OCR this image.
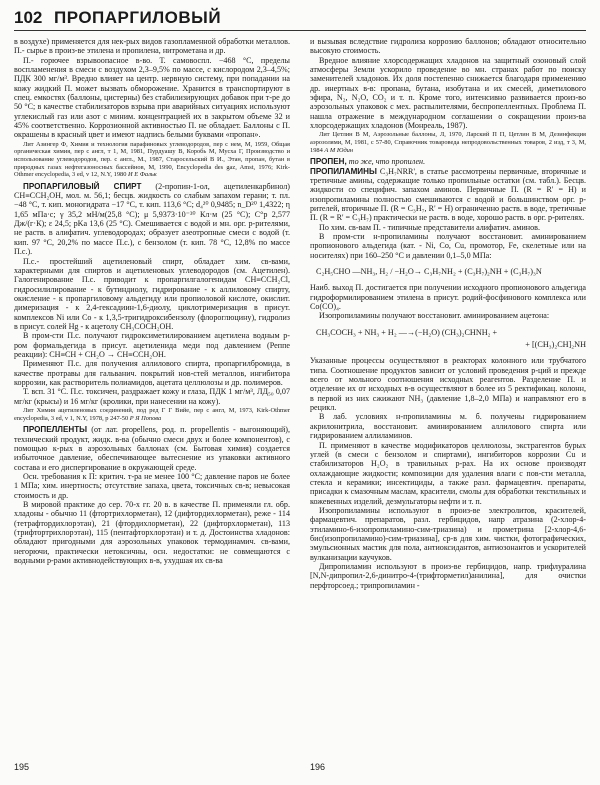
102 ПРОПАРГИЛОВЫЙ

в воздухе) применяется для нек-рых видов газопламенной обработки металлов. П.- сырье в произ-ве этилена и пропилена, нитрометана и др.

П.- горючее взрывоопасное в-во. Т. самовоспл. −468 °С, пределы воспламенения в смеси с воздухом 2,3–9,5% по массе, с кислородом 2,3–4,5%; ПДК 300 мг/м³. Вредно влияет на центр. нервную систему, при попадании на кожу жидкий П. может вызвать обморожение. Хранится в транспортируют в спец. емкостях (баллоны, цистерны) без стабилизирующих добавок при т-ре до 50 °С; в качестве стабилизаторов взрыва при аварийных ситуациях используют углекислый газ или азот с миним. концентрацией их в закрытом объеме 32 и 45% соответственно. Коррозионной активностью П. не обладает. Баллоны с П. окрашены в красный цвет и имеют надпись белыми буквами «пропан».

Лит Азингер Ф, Химия и технология парафиновых углеводородов, пер с нем, М, 1959, Общая органическая химия, пер с англ, т 1, М, 1981, Пурдуашу В, Коробь М, Мусха Г, Производство и использование углеводородов, пер. с англ., М., 1987, Старосельский В И., Этан, пропан, бутан в природных газах нефтегазоносных бассейнов, М, 1990, Encyclopedia des gaz, Amst, 1976; Kirk-Othmer encyclopedia, 3 ed, v 12, N.Y, 1980 И Е Фальк

ПРОПАРГИЛОВЫЙ СПИРТ (2-пропин-1-ол, ацетиленкарбинол) CH≡CCH₂OH, мол. м. 56,1; бесцв. жидкость со слабым запахом герани; т. пл. −48 °С, т. кип. моногидрата −17 °С, т. кип. 113,6 °С; d₄²⁰ 0,9485; n_D²⁰ 1,4322; η 1,65 мПа·с; γ 35,2 мН/м(25,8 °С); μ 5,9373·10⁻³⁰ Кл·м (25 °С); C°p 2,577 Дж/(г·К); ε 24,5; pKa 13,6 (25 °С). Смешивается с водой и мн. орг. р-рителями, не раств. в алифатич. углеводородах; образует азеотропные смеси с водой (т. кип. 97 °С, 20,2% по массе П.с.), с бензолом (т. кип. 78 °С, 12,8% по массе П.с.).

П.с.- простейший ацетиленовый спирт, обладает хим. св-вами, характерными для спиртов и ацетиленовых углеводородов (см. Ацетилен). Галогенирование П.с. приводит к пропаргилгалогенидам CH≡CCH₂Cl, гидросилилирование - к бутиндиолу, гидрирование - к аллиловому спирту, окисление - к пропаргиловому альдегиду или пропиоловой кислоте, окислит. димеризация - к 2,4-гексадиин-1,6-диолу, циклотримеризация в присут. комплексов Ni или Co - к 1,3,5-тригидроксибензолу (флороглюцину), гидролиз в присут. солей Hg - к ацетолу CH₃COCH₂OH.

В пром-сти П.с. получают гидроксиметилированием ацетилена водным р-ром формальдегида в присут. ацетиленида меди под давлением (Реппе реакции): CH≡CH + CH₂O → CH≡CCH₂OH.

Применяют П.с. для получения аллилового спирта, пропаргилбромида, в качестве протравы для гальванич. покрытий нов-стей металлов, ингибитора коррозии, как растворитель полиамидов, ацетата целлюлозы и др. полимеров.

Т. всп. 31 °С. П.с. токсичен, раздражает кожу и глаза, ПДК 1 мг/м³, ЛД₅₀ 0,07 мг/кг (крысы) и 16 мг/кг (кролики, при нанесении на кожу).

Лит Химия ацетиленовых соединений, под ред Г Г Вийе, пер с англ, М, 1973, Kirk-Othmer encyclopedia, 3 ed, v 1, N.Y, 1978, p 247-50 Р Я Попова

ПРОПЕЛЛЕНТЫ (от лат. propellens, род. п. propellentis - выгоняющий), технический продукт, жидк. в-ва (обычно смеси двух и более компонентов), с помощью к-рых в аэрозольных баллонах (см. Бытовая химия) создается избыточное давление, обеспечивающее вытеснение из упаковки активного состава и его диспергирование в окружающей среде.

Осн. требования к П: критич. т-ра не менее 100 °С; давление паров не более 1 МПа; хим. инертность; отсутствие запаха, цвета, токсичных св-в; невысокая стоимость и др.

В мировой практике до сер. 70-х гг. 20 в. в качестве П. применяли гл. обр. хладоны - обычно 11 (фтортрихлорметан), 12 (дифтордихлорметан), реже - 114 (тетрафтордихлорэтан), 21 (фтордихлорметан), 22 (дифторхлорметан), 113 (трифтортрихлорэтан), 115 (пентафторхлорэтан) и т. д. Достоинства хладонов: обладают пригодными для аэрозольных упаковок термодинамич. св-вами, негорючи, практически нетоксичны, осн. недостатки: не совмещаются с водными р-рами активнодействующих в-в, ухудшая их св-ва

и вызывая вследствие гидролиза коррозию баллонов; обладают относительно высокую стоимость.

Вредное влияние хлорсодержащих хладонов на защитный озоновый слой атмосферы Земли ускорило проведение во мн. странах работ по поиску заменителей хладонов. Их доля постепенно снижается благодаря применению др. инертных в-в: пропана, бутана, изобутана и их смесей, диметилового эфира, N₂, N₂O, CO₂ и т. п. Кроме того, интенсивно развивается произ-во аэрозольных упаковок с мех. распылителями, беспропеллентных. Проблема П. нашла отражение в международном соглашении о сокращении произ-ва хлорсодержащих хладонов (Монреаль, 1987).

Лит Цетлин В М, Аэрозольные баллоны, Л, 1970, Ларский П П, Цетлин В М, Дезинфекция аэрозолями, М, 1981, с 57-80, Справочник товароведа непродовольственных товаров, 2 изд, т 3, М, 1984 А М Юдин

ПРОПЕН, то же, что пропилен.

ПРОПИЛАМИНЫ C₃H₇NRR', в статье рассмотрены первичные, вторичные и третичные амины, содержащие только пропильные остатки (см. табл.). Бесцв. жидкости со специфич. запахом аминов. Первичные П. (R = R' = H) и изопропиламины полностью смешиваются с водой и большинством орг. р-рителей, вторичные П. (R = C₃H₇, R' = H) ограниченно раств. в воде, третичные П. (R = R' = C₃H₇) практически не раств. в воде, хорошо раств. в орг. р-рителях.

По хим. св-вам П. - типичные представители алифатич. аминов.

В пром-сти н-пропиламины получают восстановит. аминированием пропионового альдегида (кат. - Ni, Co, Cu, промотор, Fe, скелетные или на носителях) при 160–250 °С и давлении 0,1–5,0 МПа:

C₂H₅CHO ―NH₃, H₂ / −H₂O→ C₃H₇NH₂ + (C₃H₇)₂NH + (C₃H₇)₃N

Наиб. выход П. достигается при получении исходного пропионового альдегида гидроформилированием этилена в присут. родий-фосфинового комплекса или Co(CO)₄.

Изопропиламины получают восстановит. аминированием ацетона:

CH₃COCH₃ + NH₃ + H₂ ―→(−H₂O) (CH₃)₂CHNH₂ +

+ [(CH₃)₂CH]₂NH

Указанные процессы осуществляют в реакторах колонного или трубчатого типа. Соотношение продуктов зависит от условий проведения р-ций и прежде всего от мольного соотношения исходных реагентов. Разделение П. и отделение их от исходных в-в осуществляют в более из 5 ректификац. колонн, в первой из них сжижают NH₃ (давление 1,8–2,0 МПа) и направляют его в рецикл.

В лаб. условиях н-пропиламины м. б. получены гидрированием акрилонитрила, восстановит. аминированием аллилового спирта или гидрированием аллиламинов.

П. применяют в качестве модификаторов целлюлозы, экстрагентов бурых углей (в смеси с бензолом и спиртами), ингибиторов коррозии Cu и стабилизаторов H₂O₂ в травильных р-рах. На их основе производят охлаждающие жидкости; композиции для удаления влаги с пов-сти металла, стекла и керамики; инсектициды, а также разл. фармацевтич. препараты, присадки к смазочным маслам, красители, смолы для обработки текстильных и кожевенных изделий, дезмульгаторы нефти и т. п.

Изопропиламины используют в произ-ве электролитов, красителей, фармацевтич. препаратов, разл. гербицидов, напр атразина (2-хлор-4-этиламино-6-изопропиламино-сим-триазина) и прометрина [2-хлор-4,6-бис(изопропиламино)-сим-триазина], ср-в для хим. чистки, фотографических, эмульсионных мастик для пола, антиоксидантов, антиозонантов и ускорителей вулканизации каучуков.

Дипропиламин используют в произ-ве гербицидов, напр. трифлуралина [N,N-дипропил-2,6-динитро-4-(трифторметил)анилина], для очистки перфторсоед.; трипропиламин -

195	196
